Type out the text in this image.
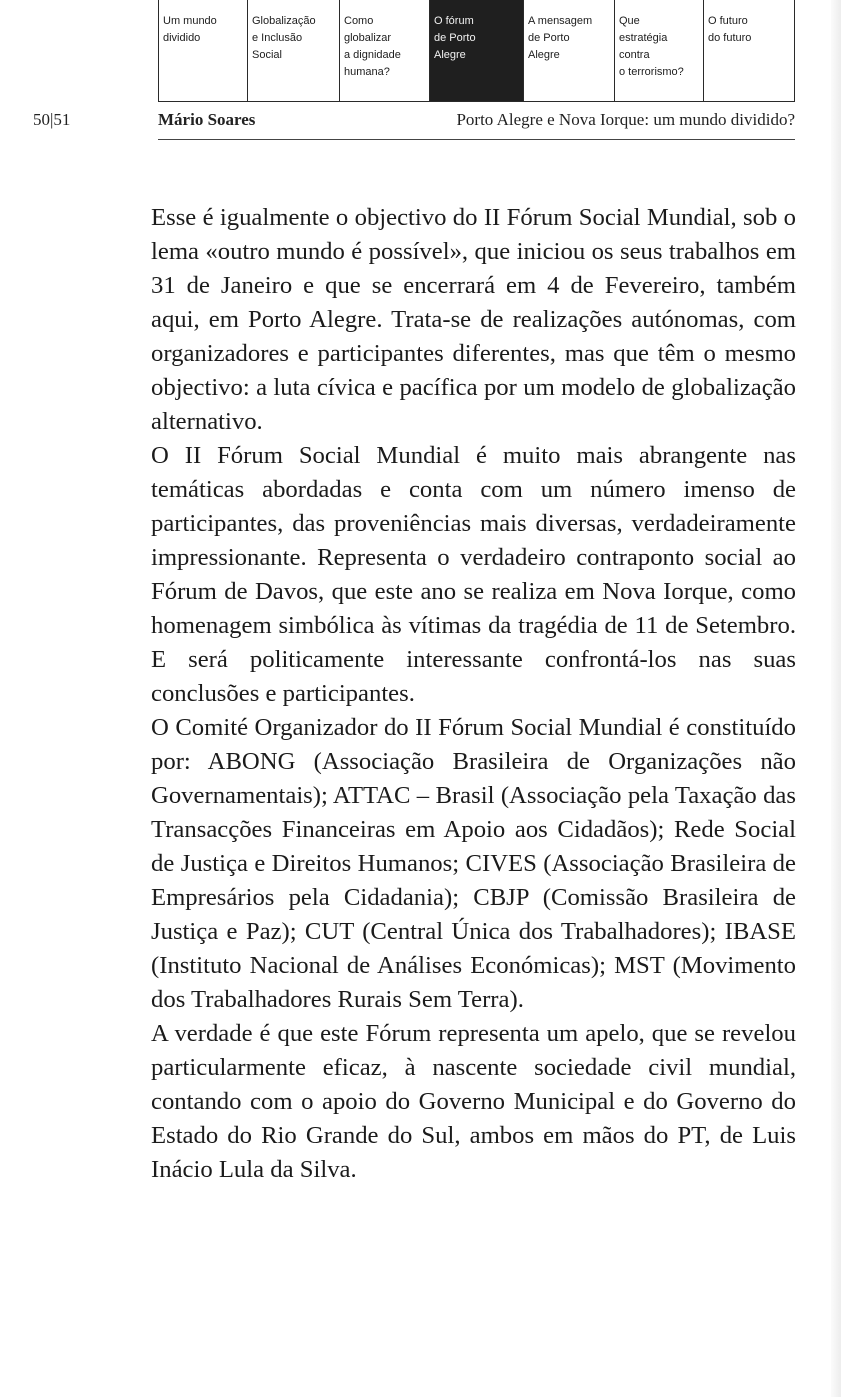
Um mundo
dividido
Globalização
e Inclusão
Social
Como
globalizar
a dignidade
humana?
O fórum
de Porto
Alegre
A mensagem
de Porto
Alegre
Que
estratégia
contra
o terrorismo?
O futuro
do futuro
50|51	Mário Soares	Porto Alegre e Nova Iorque: um mundo dividido?

Esse é igualmente o objectivo do II Fórum Social Mundial, sob o lema «outro mundo é possível», que iniciou os seus trabalhos em 31 de Janeiro e que se encerrará em 4 de Fevereiro, também aqui, em Porto Alegre. Trata-se de realizações autónomas, com organizadores e participantes diferentes, mas que têm o mesmo objectivo: a luta cívica e pacífica por um modelo de globalização alternativo.

O II Fórum Social Mundial é muito mais abrangente nas temáticas abordadas e conta com um número imenso de participantes, das proveniências mais diversas, verdadeiramente impressionante. Representa o verdadeiro contraponto social ao Fórum de Davos, que este ano se realiza em Nova Iorque, como homenagem simbólica às vítimas da tragédia de 11 de Setembro. E será politicamente interessante confrontá-los nas suas conclusões e participantes.

O Comité Organizador do II Fórum Social Mundial é constituído por: ABONG (Associação Brasileira de Organizações não Governamentais); ATTAC – Brasil (Associação pela Taxação das Transacções Financeiras em Apoio aos Cidadãos); Rede Social de Justiça e Direitos Humanos; CIVES (Associação Brasileira de Empresários pela Cidadania); CBJP (Comissão Brasileira de Justiça e Paz); CUT (Central Única dos Trabalhadores); IBASE (Instituto Nacional de Análises Económicas); MST (Movimento dos Trabalhadores Rurais Sem Terra).

A verdade é que este Fórum representa um apelo, que se revelou particularmente eficaz, à nascente sociedade civil mundial, contando com o apoio do Governo Municipal e do Governo do Estado do Rio Grande do Sul, ambos em mãos do PT, de Luis Inácio Lula da Silva.
